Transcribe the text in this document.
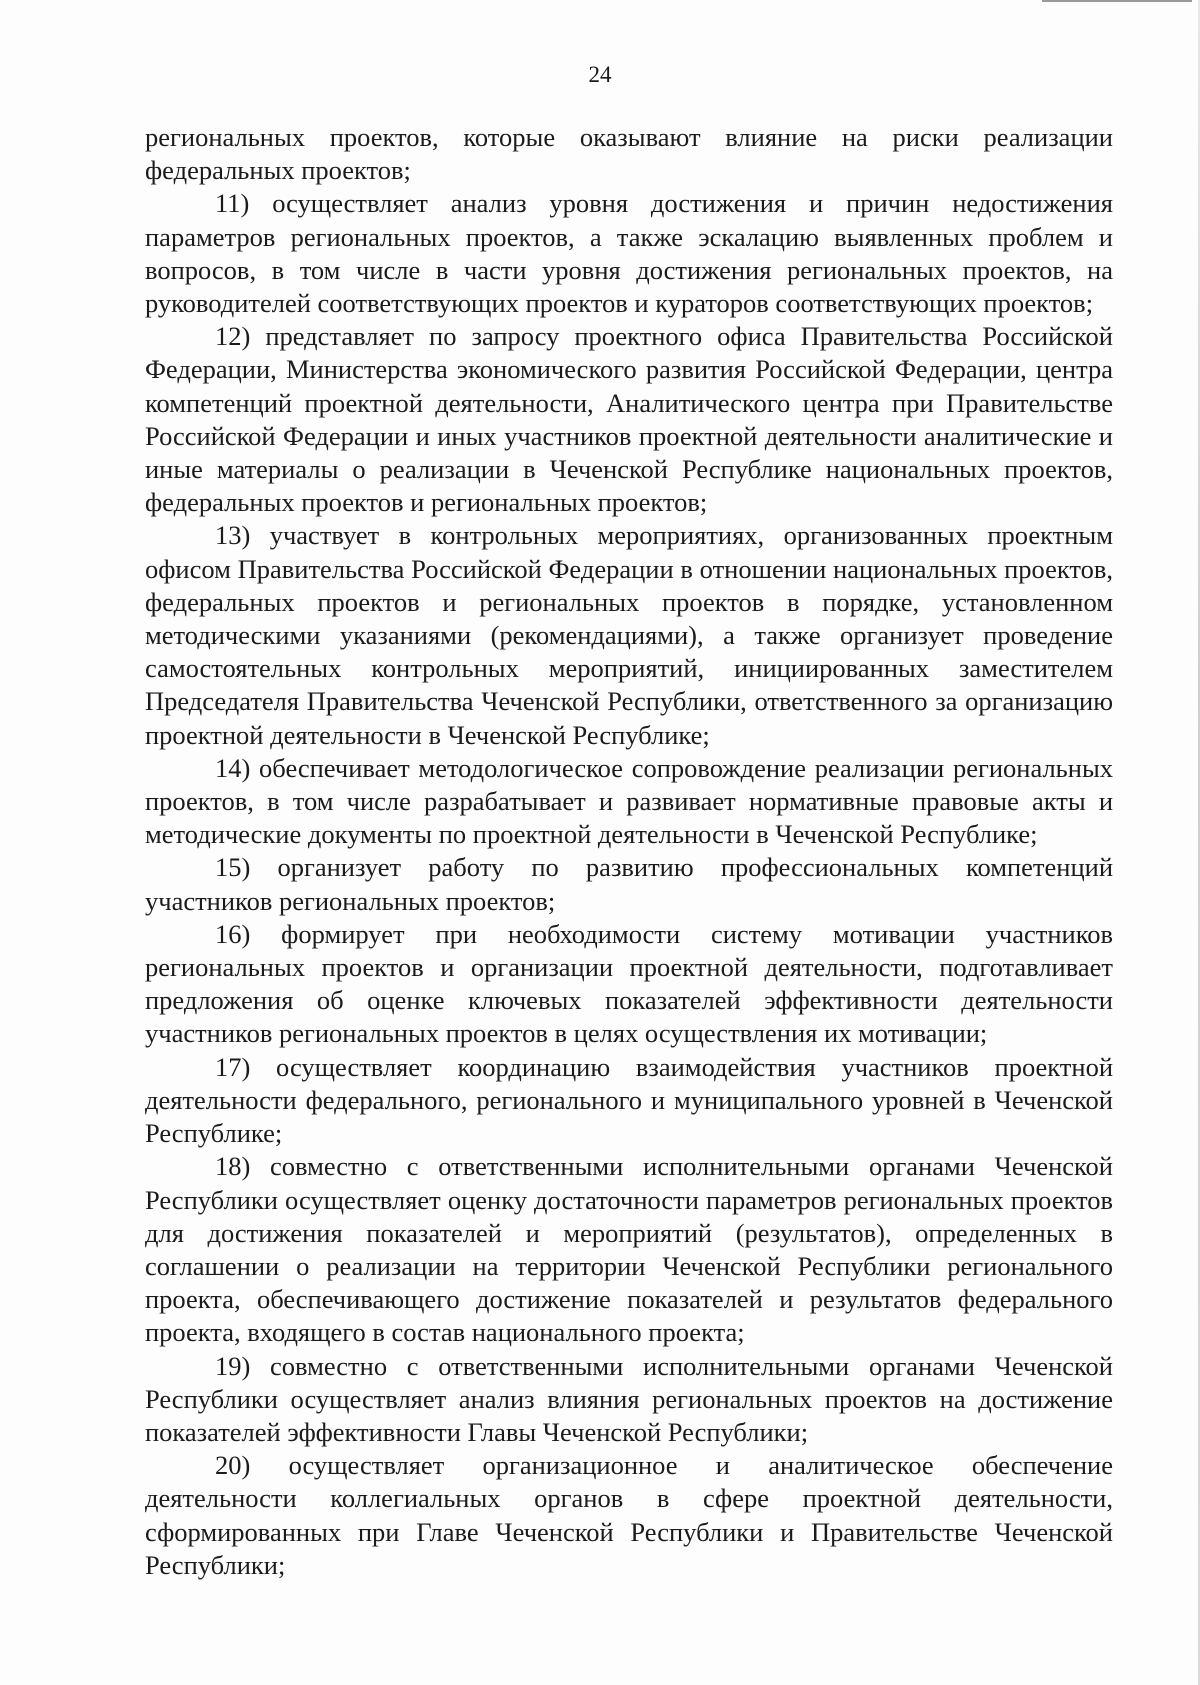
24

региональных проектов, которые оказывают влияние на риски реализации федеральных проектов;

11) осуществляет анализ уровня достижения и причин недостижения параметров региональных проектов, а также эскалацию выявленных проблем и вопросов, в том числе в части уровня достижения региональных проектов, на руководителей соответствующих проектов и кураторов соответствующих проектов;

12) представляет по запросу проектного офиса Правительства Российской Федерации, Министерства экономического развития Российской Федерации, центра компетенций проектной деятельности, Аналитического центра при Правительстве Российской Федерации и иных участников проектной деятельности аналитические и иные материалы о реализации в Чеченской Республике национальных проектов, федеральных проектов и региональных проектов;

13) участвует в контрольных мероприятиях, организованных проектным офисом Правительства Российской Федерации в отношении национальных проектов, федеральных проектов и региональных проектов в порядке, установленном методическими указаниями (рекомендациями), а также организует проведение самостоятельных контрольных мероприятий, инициированных заместителем Председателя Правительства Чеченской Республики, ответственного за организацию проектной деятельности в Чеченской Республике;

14) обеспечивает методологическое сопровождение реализации региональных проектов, в том числе разрабатывает и развивает нормативные правовые акты и методические документы по проектной деятельности в Чеченской Республике;

15) организует работу по развитию профессиональных компетенций участников региональных проектов;

16) формирует при необходимости систему мотивации участников региональных проектов и организации проектной деятельности, подготавливает предложения об оценке ключевых показателей эффективности деятельности участников региональных проектов в целях осуществления их мотивации;

17) осуществляет координацию взаимодействия участников проектной деятельности федерального, регионального и муниципального уровней в Чеченской Республике;

18) совместно с ответственными исполнительными органами Чеченской Республики осуществляет оценку достаточности параметров региональных проектов для достижения показателей и мероприятий (результатов), определенных в соглашении о реализации на территории Чеченской Республики регионального проекта, обеспечивающего достижение показателей и результатов федерального проекта, входящего в состав национального проекта;

19) совместно с ответственными исполнительными органами Чеченской Республики осуществляет анализ влияния региональных проектов на достижение показателей эффективности Главы Чеченской Республики;

20) осуществляет организационное и аналитическое обеспечение деятельности коллегиальных органов в сфере проектной деятельности, сформированных при Главе Чеченской Республики и Правительстве Чеченской Республики;
